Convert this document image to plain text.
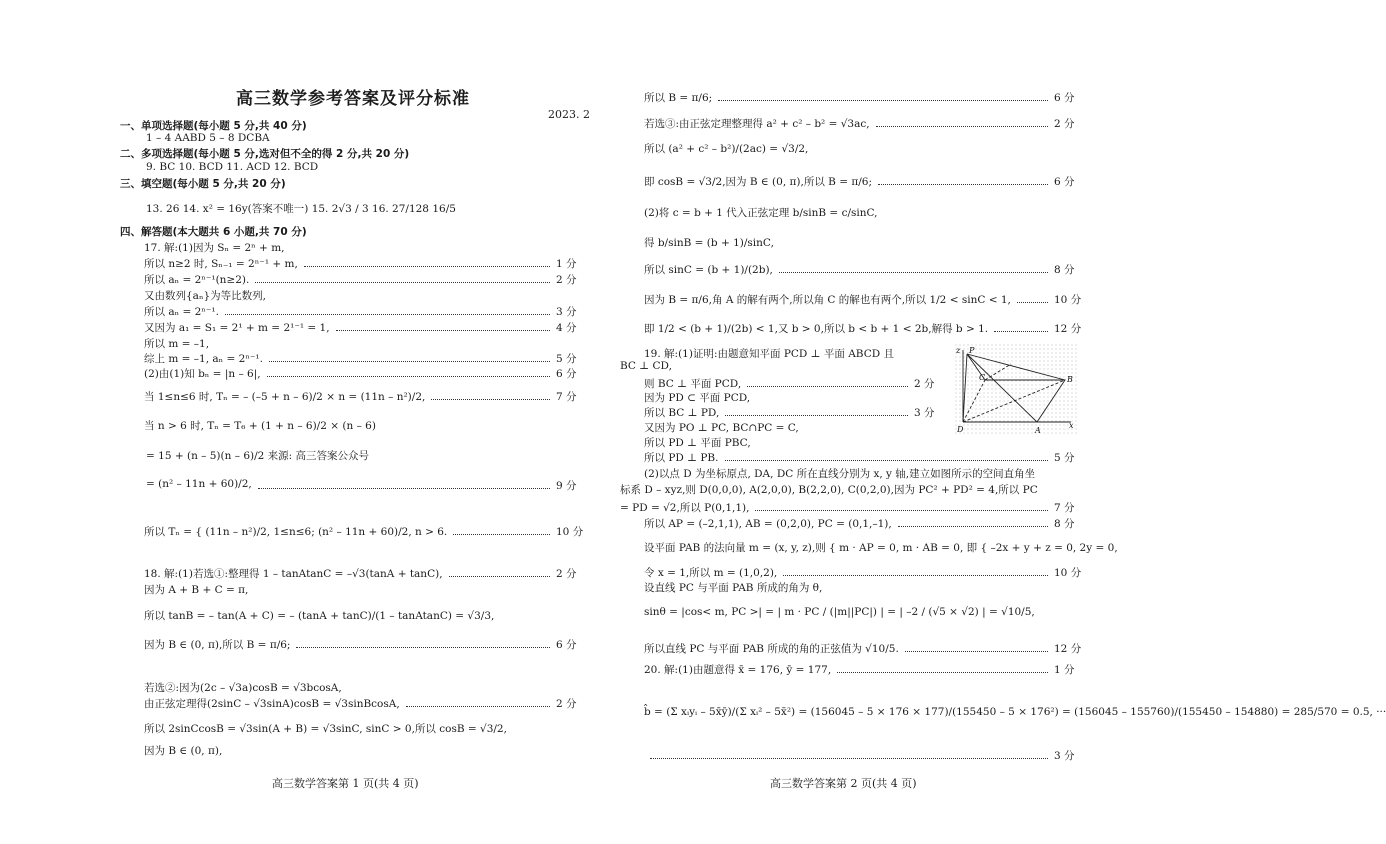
高三数学参考答案及评分标准
2023. 2
一、单项选择题(每小题 5 分,共 40 分)
1 – 4 AABD 5 – 8 DCBA
二、多项选择题(每小题 5 分,选对但不全的得 2 分,共 20 分)
9. BC 10. BCD 11. ACD 12. BCD
三、填空题(每小题 5 分,共 20 分)
13. 26 14. x² = 16y(答案不唯一) 15. 2√3 / 3 16. 27/128 16/5
四、解答题(本大题共 6 小题,共 70 分)
17. 解:(1)因为 Sₙ = 2ⁿ + m,
所以 n≥2 时, Sₙ₋₁ = 2ⁿ⁻¹ + m,	1 分
所以 aₙ = 2ⁿ⁻¹(n≥2).	2 分
又由数列{aₙ}为等比数列,
所以 aₙ = 2ⁿ⁻¹.	3 分
又因为 a₁ = S₁ = 2¹ + m = 2¹⁻¹ = 1,	4 分
所以 m = –1,
综上 m = –1, aₙ = 2ⁿ⁻¹.	5 分
(2)由(1)知 bₙ = |n – 6|,	6 分
当 1≤n≤6 时, Tₙ = – (–5 + n – 6)/2 × n = (11n – n²)/2,	7 分
当 n > 6 时, Tₙ = T₆ + (1 + n – 6)/2 × (n – 6)
= 15 + (n – 5)(n – 6)/2 来源: 高三答案公众号
= (n² – 11n + 60)/2,	9 分
所以 Tₙ = { (11n – n²)/2, 1≤n≤6; (n² – 11n + 60)/2, n > 6.	10 分
18. 解:(1)若选①:整理得 1 – tanAtanC = –√3(tanA + tanC),	2 分
因为 A + B + C = π,
所以 tanB = – tan(A + C) = – (tanA + tanC)/(1 – tanAtanC) = √3/3,
因为 B ∈ (0, π),所以 B = π/6;	6 分
若选②:因为(2c – √3a)cosB = √3bcosA,
由正弦定理得(2sinC – √3sinA)cosB = √3sinBcosA,	2 分
所以 2sinCcosB = √3sin(A + B) = √3sinC, sinC > 0,所以 cosB = √3/2,
因为 B ∈ (0, π),
所以 B = π/6;	6 分
若选③:由正弦定理整理得 a² + c² – b² = √3ac,	2 分
所以 (a² + c² – b²)/(2ac) = √3/2,
即 cosB = √3/2,因为 B ∈ (0, π),所以 B = π/6;	6 分
(2)将 c = b + 1 代入正弦定理 b/sinB = c/sinC,
得 b/sinB = (b + 1)/sinC,
所以 sinC = (b + 1)/(2b),	8 分
因为 B = π/6,角 A 的解有两个,所以角 C 的解也有两个,所以 1/2 < sinC < 1,	10 分
即 1/2 < (b + 1)/(2b) < 1,又 b > 0,所以 b < b + 1 < 2b,解得 b > 1.	12 分
19. 解:(1)证明:由题意知平面 PCD ⊥ 平面 ABCD 且
BC ⊥ CD,
则 BC ⊥ 平面 PCD,	2 分
因为 PD ⊂ 平面 PCD,
所以 BC ⊥ PD,	3 分
又因为 PO ⊥ PC, BC∩PC = C,
所以 PD ⊥ 平面 PBC,
所以 PD ⊥ PB.	5 分
(2)以点 D 为坐标原点, DA, DC 所在直线分别为 x, y 轴,建立如图所示的空间直角坐
标系 D – xyz,则 D(0,0,0), A(2,0,0), B(2,2,0), C(0,2,0),因为 PC² + PD² = 4,所以 PC
= PD = √2,所以 P(0,1,1),	7 分
所以 AP = (–2,1,1), AB = (0,2,0), PC = (0,1,–1),	8 分
设平面 PAB 的法向量 m = (x, y, z),则 { m · AP = 0, m · AB = 0, 即 { –2x + y + z = 0, 2y = 0,
令 x = 1,所以 m = (1,0,2),	10 分
设直线 PC 与平面 PAB 所成的角为 θ,
sinθ = |cos< m, PC >| = | m · PC / (|m||PC|) | = | –2 / (√5 × √2) | = √10/5,
所以直线 PC 与平面 PAB 所成的角的正弦值为 √10/5.	12 分
20. 解:(1)由题意得 x̄ = 176, ȳ = 177,	1 分
b̂ = (Σ xᵢyᵢ – 5x̄ȳ)/(Σ xᵢ² – 5x̄²) = (156045 – 5 × 176 × 177)/(155450 – 5 × 176²) = (156045 – 155760)/(155450 – 154880) = 285/570 = 0.5, ···
3 分
P
C	B
D	A
x
z
高三数学答案第 1 页(共 4 页)	高三数学答案第 2 页(共 4 页)
